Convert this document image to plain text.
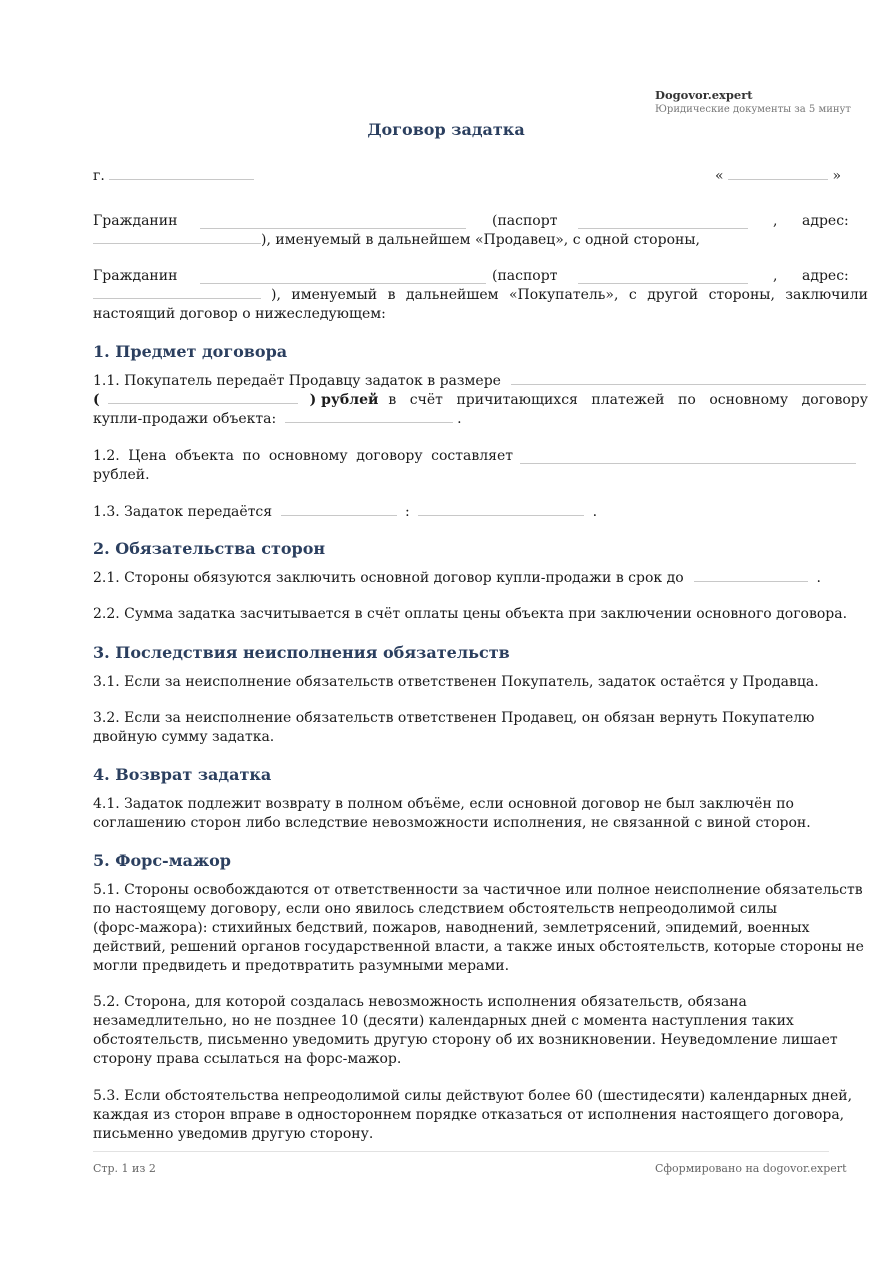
Dogovor.expert
Юридические документы за 5 минут
Договор задатка
г.	«	»
Гражданин	(паспорт	, адрес:
), именуемый в дальнейшем «Продавец», с одной стороны,
Гражданин	(паспорт	, адрес:
), именуемый в дальнейшем «Покупатель», с другой стороны, заключили
настоящий договор о нижеследующем:
1. Предмет договора
1.1. Покупатель передаёт Продавцу задаток в размере
(	) рублей в счёт причитающихся платежей по основному договору
купли-продажи объекта:	.
1.2. Цена объекта по основному договору составляет
рублей.
1.3. Задаток передаётся	:	.
2. Обязательства сторон
2.1. Стороны обязуются заключить основной договор купли-продажи в срок до	.
2.2. Сумма задатка засчитывается в счёт оплаты цены объекта при заключении основного договора.
3. Последствия неисполнения обязательств
3.1. Если за неисполнение обязательств ответственен Покупатель, задаток остаётся у Продавца.
3.2. Если за неисполнение обязательств ответственен Продавец, он обязан вернуть Покупателю
двойную сумму задатка.
4. Возврат задатка
4.1. Задаток подлежит возврату в полном объёме, если основной договор не был заключён по
соглашению сторон либо вследствие невозможности исполнения, не связанной с виной сторон.
5. Форс-мажор
5.1. Стороны освобождаются от ответственности за частичное или полное неисполнение обязательств
по настоящему договору, если оно явилось следствием обстоятельств непреодолимой силы
(форс-мажора): стихийных бедствий, пожаров, наводнений, землетрясений, эпидемий, военных
действий, решений органов государственной власти, а также иных обстоятельств, которые стороны не
могли предвидеть и предотвратить разумными мерами.
5.2. Сторона, для которой создалась невозможность исполнения обязательств, обязана
незамедлительно, но не позднее 10 (десяти) календарных дней с момента наступления таких
обстоятельств, письменно уведомить другую сторону об их возникновении. Неуведомление лишает
сторону права ссылаться на форс-мажор.
5.3. Если обстоятельства непреодолимой силы действуют более 60 (шестидесяти) календарных дней,
каждая из сторон вправе в одностороннем порядке отказаться от исполнения настоящего договора,
письменно уведомив другую сторону.
Стр. 1 из 2	Сформировано на dogovor.expert
